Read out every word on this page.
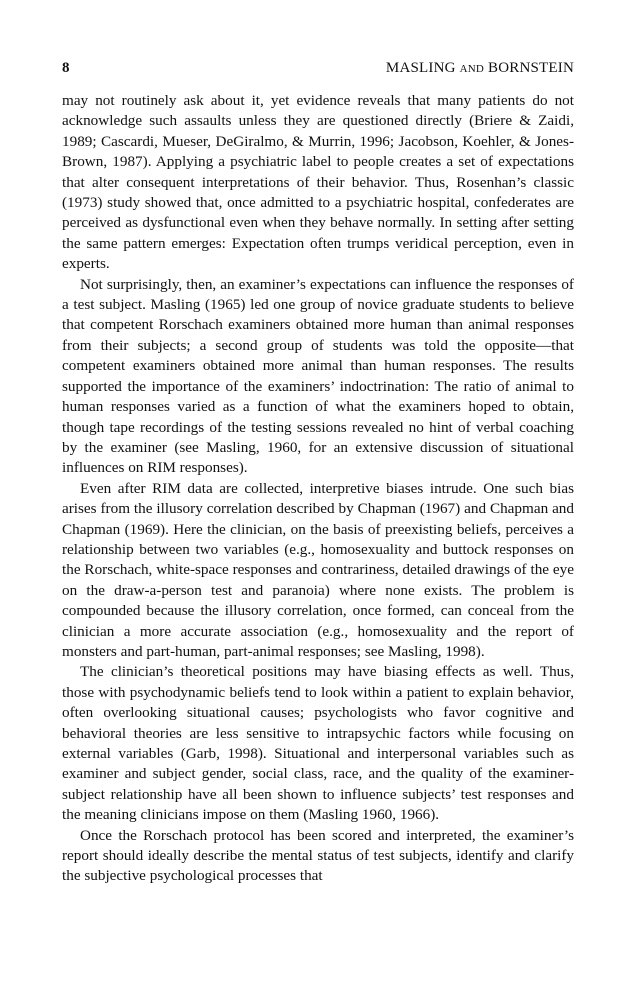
8	MASLING AND BORNSTEIN

may not routinely ask about it, yet evidence reveals that many patients do not acknowledge such assaults unless they are questioned directly (Briere & Zaidi, 1989; Cascardi, Mueser, DeGiralmo, & Murrin, 1996; Jacobson, Koehler, & Jones-Brown, 1987). Applying a psychiatric label to people creates a set of expectations that alter consequent interpretations of their behavior. Thus, Rosenhan’s classic (1973) study showed that, once admitted to a psychiatric hospital, confederates are perceived as dysfunctional even when they behave normally. In setting after setting the same pattern emerges: Expectation often trumps veridical perception, even in experts.

Not surprisingly, then, an examiner’s expectations can influence the responses of a test subject. Masling (1965) led one group of novice graduate students to believe that competent Rorschach examiners obtained more human than animal responses from their subjects; a second group of students was told the opposite—that competent examiners obtained more animal than human responses. The results supported the importance of the examiners’ indoctrination: The ratio of animal to human responses varied as a function of what the examiners hoped to obtain, though tape recordings of the testing sessions revealed no hint of verbal coaching by the examiner (see Masling, 1960, for an extensive discussion of situational influences on RIM responses).

Even after RIM data are collected, interpretive biases intrude. One such bias arises from the illusory correlation described by Chapman (1967) and Chapman and Chapman (1969). Here the clinician, on the basis of preexisting beliefs, perceives a relationship between two variables (e.g., homosexuality and buttock responses on the Rorschach, white-space responses and contrariness, detailed drawings of the eye on the draw-a-person test and paranoia) where none exists. The problem is compounded because the illusory correlation, once formed, can conceal from the clinician a more accurate association (e.g., homosexuality and the report of monsters and part-human, part-animal responses; see Masling, 1998).

The clinician’s theoretical positions may have biasing effects as well. Thus, those with psychodynamic beliefs tend to look within a patient to explain behavior, often overlooking situational causes; psychologists who favor cognitive and behavioral theories are less sensitive to intrapsychic factors while focusing on external variables (Garb, 1998). Situational and interpersonal variables such as examiner and subject gender, social class, race, and the quality of the examiner-subject relationship have all been shown to influence subjects’ test responses and the meaning clinicians impose on them (Masling 1960, 1966).

Once the Rorschach protocol has been scored and interpreted, the examiner’s report should ideally describe the mental status of test subjects, identify and clarify the subjective psychological processes that
